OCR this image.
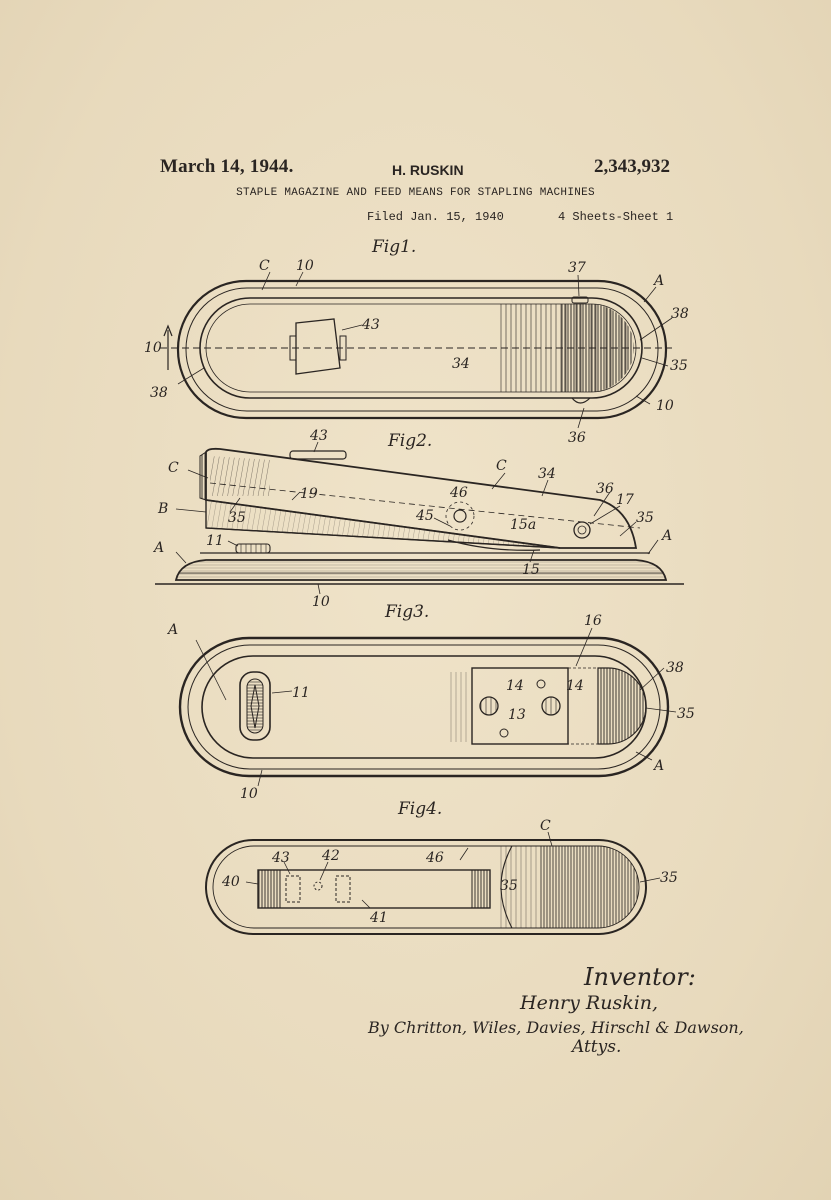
March 14, 1944.	H. RUSKIN	2,343,932
STAPLE MAGAZINE AND FEED MEANS FOR STAPLING MACHINES
Filed Jan. 15, 1940	4 Sheets-Sheet 1
Fig1.
C 10	37
A
38
43
10
34	35
38
10
36
Fig2.
43
C	C 34
36
17
46
B
35
19
45
15a	35
A
A	11
15
10	Fig3.
A
16
38
11	14	14
13	35
A
10
Fig4.
C
43 42	46
35
40	35
41
Inventor:
Henry Ruskin,
By Chritton, Wiles, Davies, Hirschl & Dawson,
Attys.
